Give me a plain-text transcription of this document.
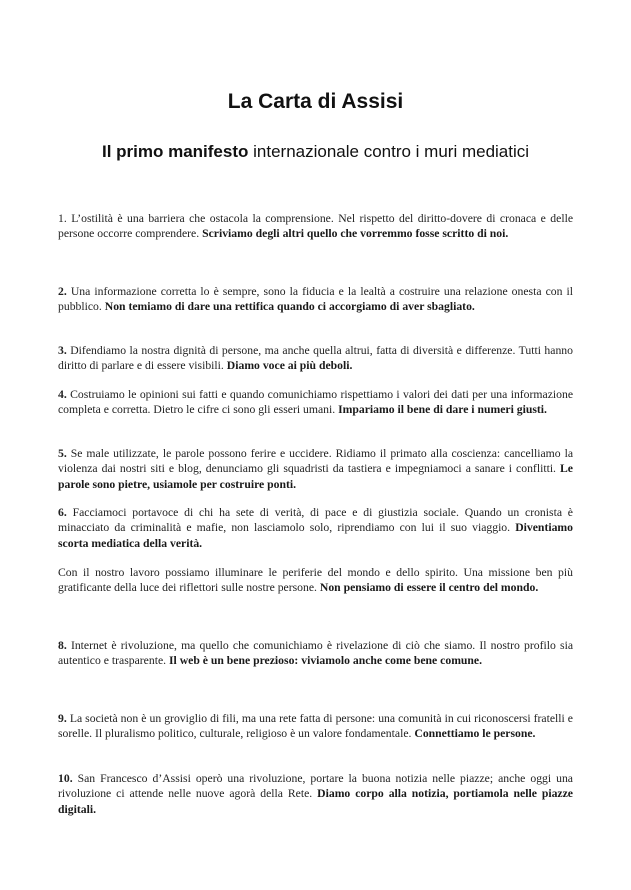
La Carta di Assisi
Il primo manifesto internazionale contro i muri mediatici

1. L’ostilità è una barriera che ostacola la comprensione. Nel rispetto del diritto-dovere di cronaca e delle persone occorre comprendere. Scriviamo degli altri quello che vorremmo fosse scritto di noi.

2. Una informazione corretta lo è sempre, sono la fiducia e la lealtà a costruire una relazione onesta con il pubblico. Non temiamo di dare una rettifica quando ci accorgiamo di aver sbagliato.

3. Difendiamo la nostra dignità di persone, ma anche quella altrui, fatta di diversità e differenze. Tutti hanno diritto di parlare e di essere visibili. Diamo voce ai più deboli.

4. Costruiamo le opinioni sui fatti e quando comunichiamo rispettiamo i valori dei dati per una informazione completa e corretta. Dietro le cifre ci sono gli esseri umani. Impariamo il bene di dare i numeri giusti.

5. Se male utilizzate, le parole possono ferire e uccidere. Ridiamo il primato alla coscienza: cancelliamo la violenza dai nostri siti e blog, denunciamo gli squadristi da tastiera e impegniamoci a sanare i conflitti. Le parole sono pietre, usiamole per costruire ponti.

6. Facciamoci portavoce di chi ha sete di verità, di pace e di giustizia sociale. Quando un cronista è minacciato da criminalità e mafie, non lasciamolo solo, riprendiamo con lui il suo viaggio. Diventiamo scorta mediatica della verità.

Con il nostro lavoro possiamo illuminare le periferie del mondo e dello spirito. Una missione ben più gratificante della luce dei riflettori sulle nostre persone. Non pensiamo di essere il centro del mondo.

8. Internet è rivoluzione, ma quello che comunichiamo è rivelazione di ciò che siamo. Il nostro profilo sia autentico e trasparente. Il web è un bene prezioso: viviamolo anche come bene comune.

9. La società non è un groviglio di fili, ma una rete fatta di persone: una comunità in cui riconoscersi fratelli e sorelle. Il pluralismo politico, culturale, religioso è un valore fondamentale. Connettiamo le persone.

10. San Francesco d’Assisi operò una rivoluzione, portare la buona notizia nelle piazze; anche oggi una rivoluzione ci attende nelle nuove agorà della Rete. Diamo corpo alla notizia, portiamola nelle piazze digitali.
